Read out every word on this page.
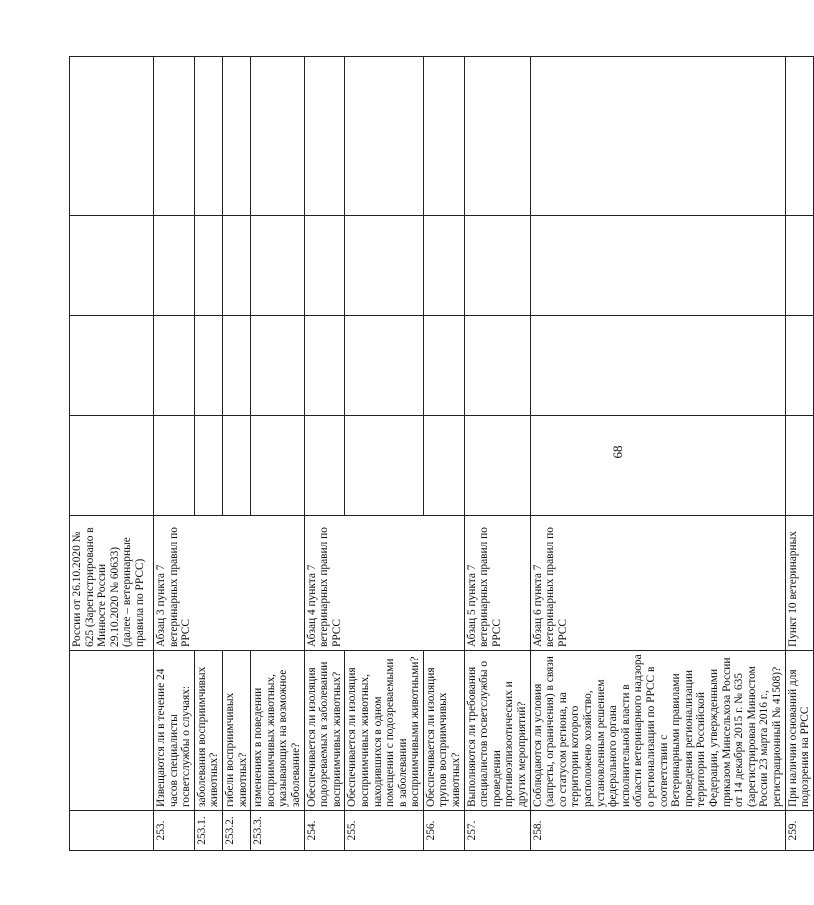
68
		России от 26.10.2020 № 625 (Зарегистрировано в Минюсте России 29.10.2020 № 60633) (далее – ветеринарные правила по РРСС)				
253.	Извещаются ли в течение 24 часов специалисты госветслужбы о случаях:	Абзац 3 пункта 7 ветеринарных правил по РРСС				
253.1.	заболевания восприимчивых животных?					
253.2.	гибели восприимчивых животных?					
253.3.	изменениях в поведении восприимчивых животных, указывающих на возможное заболевание?					
254.	Обеспечивается ли изоляция подозреваемых в заболевании восприимчивых животных?	Абзац 4 пункта 7 ветеринарных правил по РРСС				
255.	Обеспечивается ли изоляция восприимчивых животных, находившихся в одном помещении с подозреваемыми в заболевании восприимчивыми животными?					
256.	Обеспечивается ли изоляция трупов восприимчивых животных?					
257.	Выполняются ли требования специалистов госветслужбы о проведении противоэпизоотических и других мероприятий?	Абзац 5 пункта 7 ветеринарных правил по РРСС				
258.	Соблюдаются ли условия (запреты, ограничения) в связи со статусом региона, на территории которого расположено хозяйство, установленным решением федерального органа исполнительной власти в области ветеринарного надзора о регионализации по РРСС в соответствии с Ветеринарными правилами проведения регионализации территории Российской Федерации, утвержденными приказом Минсельхоза России от 14 декабря 2015 г. № 635 (зарегистрирован Минюстом России 23 марта 2016 г., регистрационный № 41508)?	Абзац 6 пункта 7 ветеринарных правил по РРСС				
259.	При наличии оснований для подозрения на РРСС	Пункт 10 ветеринарных				
